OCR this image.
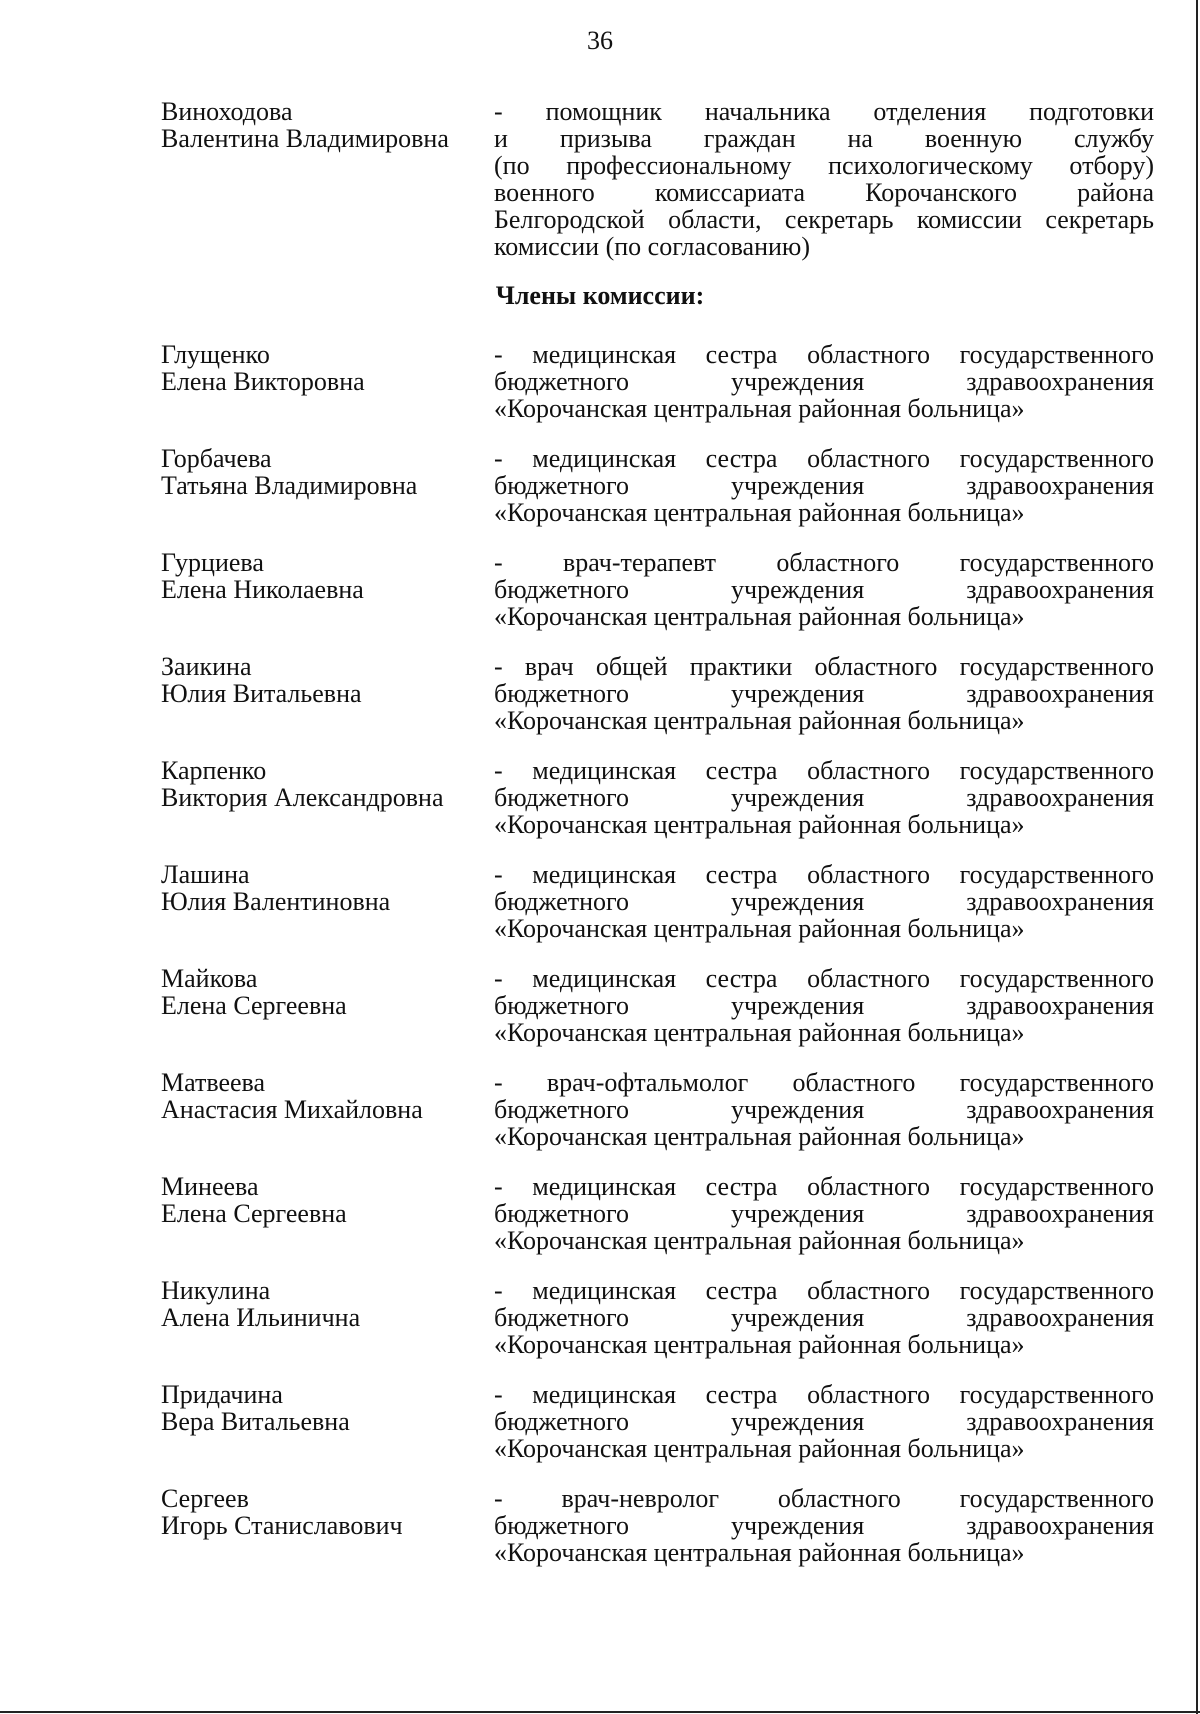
36
Виноходова
Валентина Владимировна
- помощник начальника отделения подготовки
и призыва граждан на военную службу
(по профессиональному психологическому отбору)
военного комиссариата Корочанского района
Белгородской области, секретарь комиссии секретарь
комиссии (по согласованию)
Члены комиссии:
Глущенко
Елена Викторовна
- медицинская сестра областного государственного
бюджетного учреждения здравоохранения
«Корочанская центральная районная больница»
Горбачева
Татьяна Владимировна
- медицинская сестра областного государственного
бюджетного учреждения здравоохранения
«Корочанская центральная районная больница»
Гурциева
Елена Николаевна
- врач-терапевт областного государственного
бюджетного учреждения здравоохранения
«Корочанская центральная районная больница»
Заикина
Юлия Витальевна
- врач общей практики областного государственного
бюджетного учреждения здравоохранения
«Корочанская центральная районная больница»
Карпенко
Виктория Александровна
- медицинская сестра областного государственного
бюджетного учреждения здравоохранения
«Корочанская центральная районная больница»
Лашина
Юлия Валентиновна
- медицинская сестра областного государственного
бюджетного учреждения здравоохранения
«Корочанская центральная районная больница»
Майкова
Елена Сергеевна
- медицинская сестра областного государственного
бюджетного учреждения здравоохранения
«Корочанская центральная районная больница»
Матвеева
Анастасия Михайловна
- врач-офтальмолог областного государственного
бюджетного учреждения здравоохранения
«Корочанская центральная районная больница»
Минеева
Елена Сергеевна
- медицинская сестра областного государственного
бюджетного учреждения здравоохранения
«Корочанская центральная районная больница»
Никулина
Алена Ильинична
- медицинская сестра областного государственного
бюджетного учреждения здравоохранения
«Корочанская центральная районная больница»
Придачина
Вера Витальевна
- медицинская сестра областного государственного
бюджетного учреждения здравоохранения
«Корочанская центральная районная больница»
Сергеев
Игорь Станиславович
- врач-невролог областного государственного
бюджетного учреждения здравоохранения
«Корочанская центральная районная больница»
